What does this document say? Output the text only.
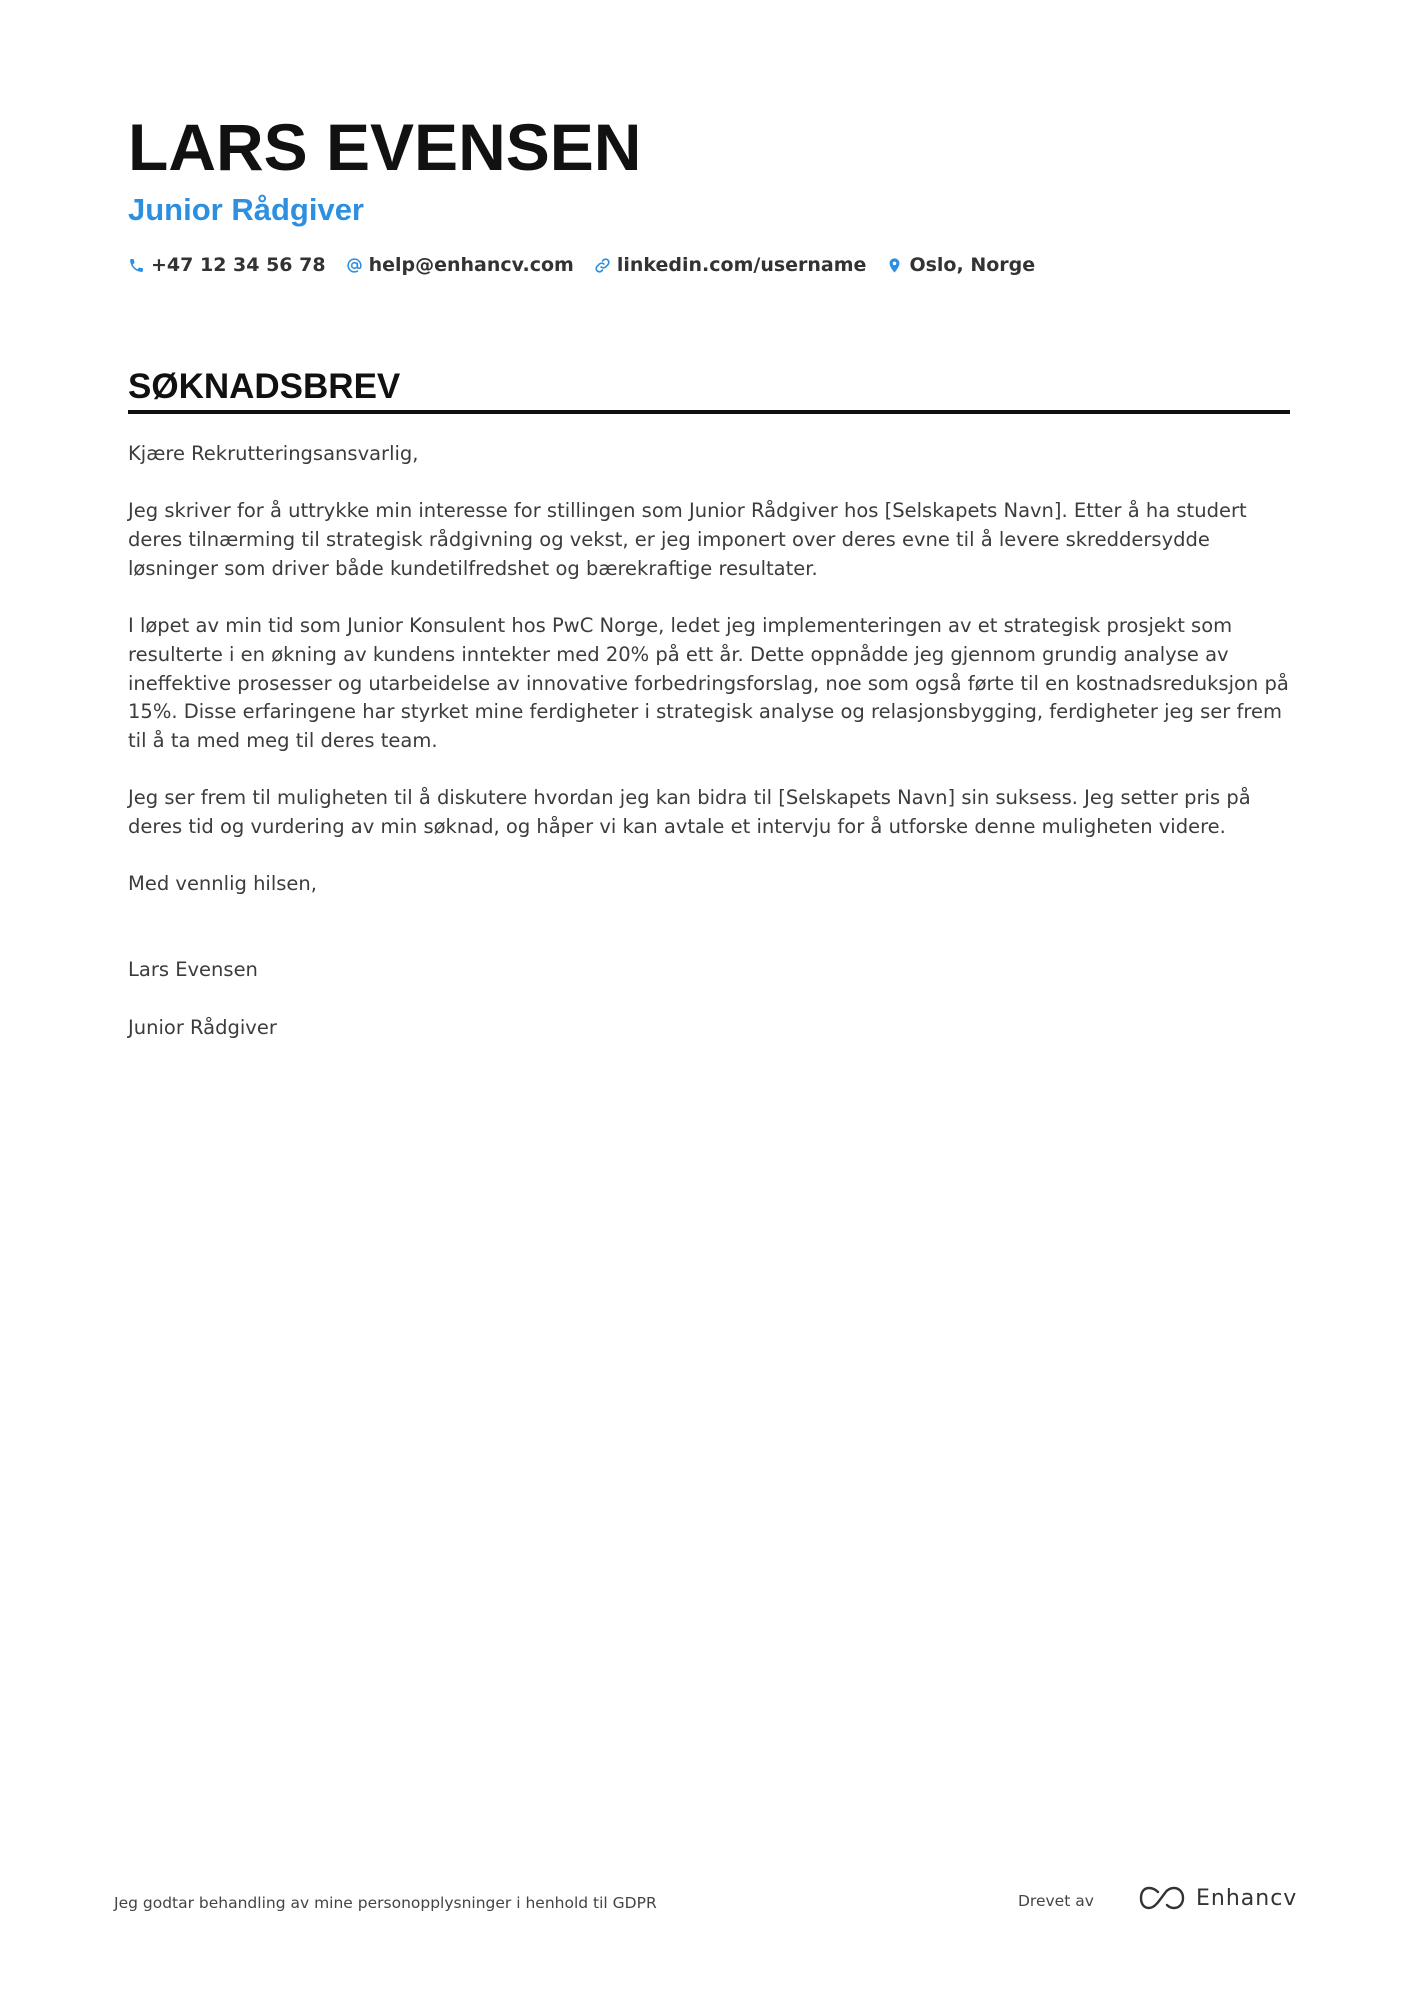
LARS EVENSEN
Junior Rådgiver
+47 12 34 56 78 help@enhancv.com linkedin.com/username Oslo, Norge
SØKNADSBREV

Kjære Rekrutteringsansvarlig,

Jeg skriver for å uttrykke min interesse for stillingen som Junior Rådgiver hos [Selskapets Navn]. Etter å ha studert deres tilnærming til strategisk rådgivning og vekst, er jeg imponert over deres evne til å levere skreddersydde løsninger som driver både kundetilfredshet og bærekraftige resultater.

I løpet av min tid som Junior Konsulent hos PwC Norge, ledet jeg implementeringen av et strategisk prosjekt som resulterte i en økning av kundens inntekter med 20% på ett år. Dette oppnådde jeg gjennom grundig analyse av ineffektive prosesser og utarbeidelse av innovative forbedringsforslag, noe som også førte til en kostnadsreduksjon på 15%. Disse erfaringene har styrket mine ferdigheter i strategisk analyse og relasjonsbygging, ferdigheter jeg ser frem til å ta med meg til deres team.

Jeg ser frem til muligheten til å diskutere hvordan jeg kan bidra til [Selskapets Navn] sin suksess. Jeg setter pris på deres tid og vurdering av min søknad, og håper vi kan avtale et intervju for å utforske denne muligheten videre.

Med vennlig hilsen,

Lars Evensen

Junior Rådgiver

Jeg godtar behandling av mine personopplysninger i henhold til GDPR	Drevet av	Enhancv
